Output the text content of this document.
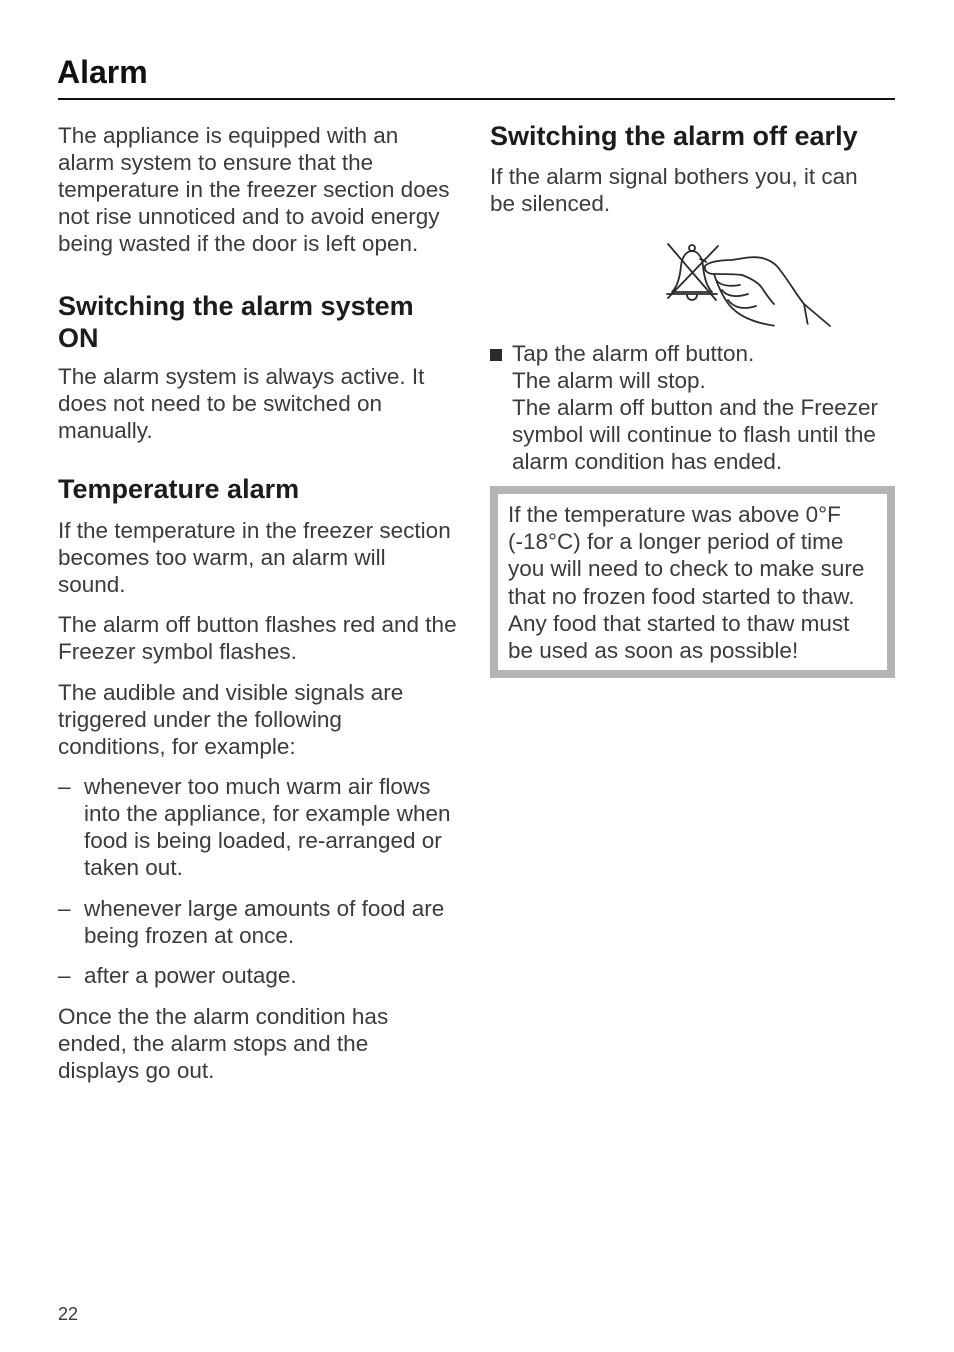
Alarm
The appliance is equipped with an
alarm system to ensure that the
temperature in the freezer section does
not rise unnoticed and to avoid energy
being wasted if the door is left open.
Switching the alarm system
ON
The alarm system is always active. It
does not need to be switched on
manually.
Temperature alarm
If the temperature in the freezer section
becomes too warm, an alarm will
sound.
The alarm off button flashes red and the
Freezer symbol flashes.
The audible and visible signals are
triggered under the following
conditions, for example:
– whenever too much warm air flows
into the appliance, for example when
food is being loaded, re-arranged or
taken out.
– whenever large amounts of food are
being frozen at once.
– after a power outage.
Once the the alarm condition has
ended, the alarm stops and the
displays go out.
Switching the alarm off early
If the alarm signal bothers you, it can
be silenced.
Tap the alarm off button.
The alarm will stop.
The alarm off button and the Freezer
symbol will continue to flash until the
alarm condition has ended.
If the temperature was above 0°F
(-18°C) for a longer period of time
you will need to check to make sure
that no frozen food started to thaw.
Any food that started to thaw must
be used as soon as possible!
22
